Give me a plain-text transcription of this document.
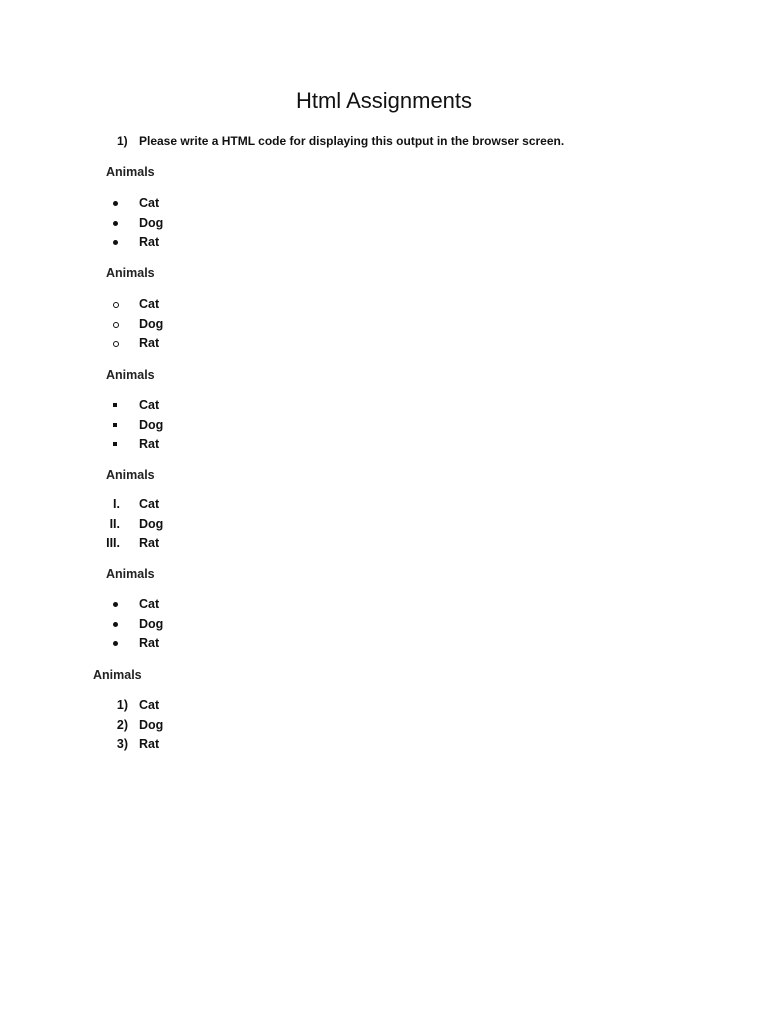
Html Assignments
1) Please write a HTML code for displaying this output in the browser screen.
Animals
Cat
Dog
Rat
Animals
Cat
Dog
Rat
Animals
Cat
Dog
Rat
Animals
I. Cat
II. Dog
III. Rat
Animals
Cat
Dog
Rat
Animals
1) Cat
2) Dog
3) Rat
